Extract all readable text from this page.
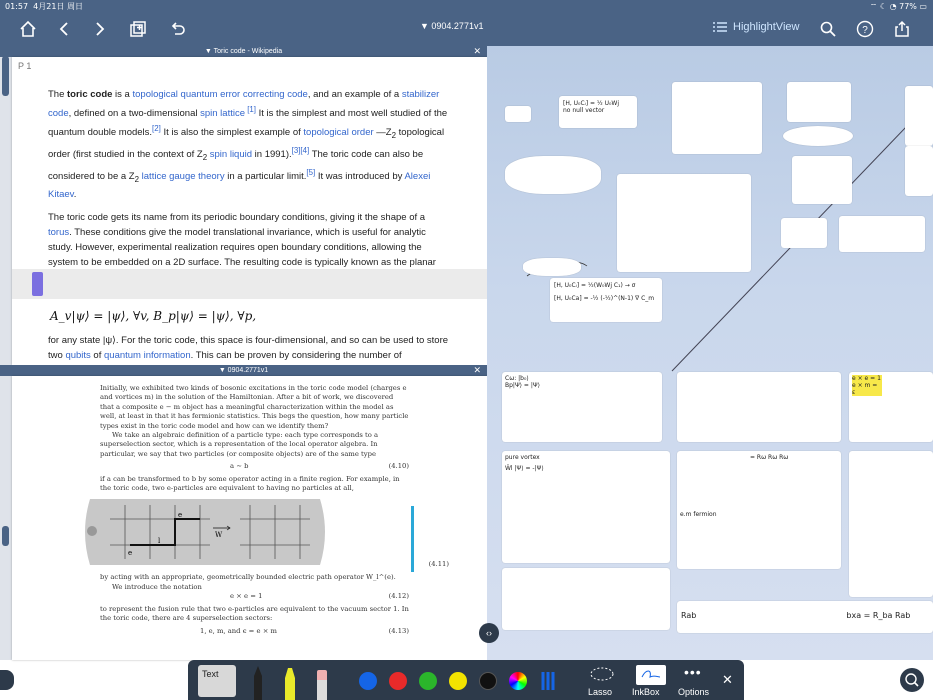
01:57 4月21日 周日	⌔ ☾ ◔ 77% ▭
▼ 0904.2771v1	HighlightView	?
▼ Toric code - Wikipedia	✕
P 1

The toric code is a topological quantum error correcting code, and an example of a stabilizer code, defined on a two-dimensional spin lattice [1] It is the simplest and most well studied of the quantum double models.[2] It is also the simplest example of topological order $—Z_2$ topological order (first studied in the context of $Z_2$ spin liquid in 1991).[3][4] The toric code can also be considered to be a $Z_2$ lattice gauge theory in a particular limit.[5] It was introduced by Alexei Kitaev.

The toric code gets its name from its periodic boundary conditions, giving it the shape of a torus. These conditions give the model translational invariance, which is useful for analytic study. However, experimental realization requires open boundary conditions, allowing the system to be embedded on a 2D surface. The resulting code is typically known as the planar

A_v|ψ⟩ = |ψ⟩, ∀v, B_p|ψ⟩ = |ψ⟩, ∀p,

for any state |ψ⟩. For the toric code, this space is four-dimensional, and so can be used to store two qubits of quantum information. This can be proven by considering the number of

▼ 0904.2771v1	✕

Initially, we exhibited two kinds of bosonic excitations in the toric code model (charges e and vortices m) in the solution of the Hamiltonian. After a bit of work, we discovered that a composite e − m object has a meaningful characterization within the model as well, at least in that it has fermionic statistics. This begs the question, how many particle types exist in the toric code model and how can we identify them?

We take an algebraic definition of a particle type: each type corresponds to a superselection sector, which is a representation of the local operator algebra. In particular, we say that two particles (or composite objects) are of the same type

a ∼ b	(4.10)

if a can be transformed to b by some operator acting in a finite region. For example, in the toric code, two e-particles are equivalent to having no particles at all,

e
e
l
W
(4.11)

by acting with an appropriate, geometrically bounded electric path operator W_l^(e).

We introduce the notation

e × e = 1	(4.12)

to represent the fusion rule that two e-particles are equivalent to the vacuum sector 1. In the toric code, there are 4 superselection sectors:

1, e, m, and ϵ = e × m	(4.13)
[H, U₀Cᵢ] = ½ U₀Wj
no null vector
[H, U₀Cᵢ] = ½(W₀Wj C₁) → σ
[H, U₀Ca] = -½ (-½)^(N-1) ∇ C_m
Cω: |b₀⟩
Bp|Ψ⟩ = |Ψ⟩
e × e = 1
e × m = ε
pure vortex
Ŵl |Ψ⟩ = -|Ψ⟩
= Rω Rω Rω
e.m fermion
Rab	bxa = R_ba Rab
‹›
Text
Lasso InkBox
•••
Options
✕
